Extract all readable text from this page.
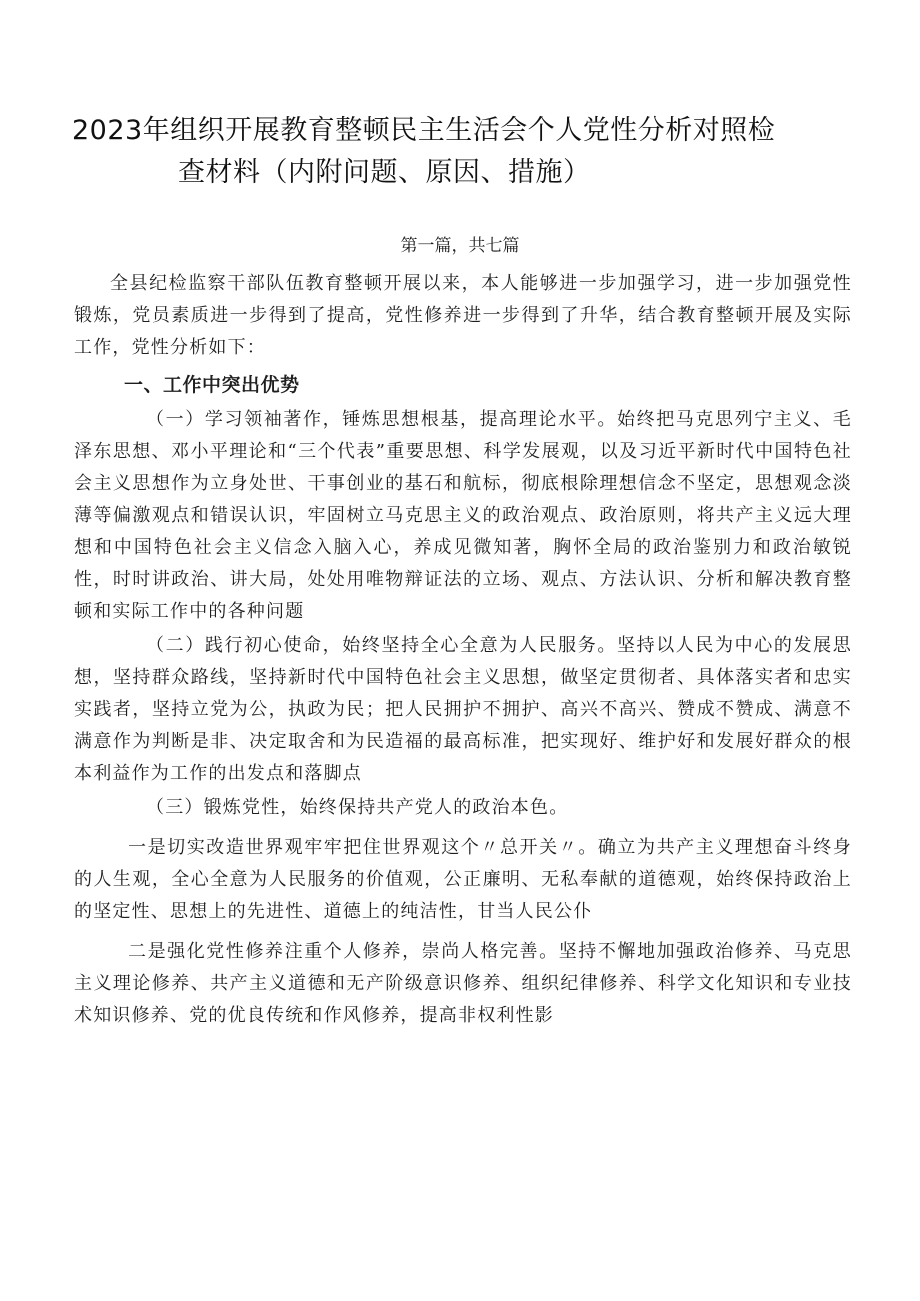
2023年组织开展教育整顿民主生活会个人党性分析对照检
查材料（内附问题、原因、措施）

第一篇，共七篇

全县纪检监察干部队伍教育整顿开展以来，本人能够进一步加强学习，进一步加强党性锻炼，党员素质进一步得到了提高，党性修养进一步得到了升华，结合教育整顿开展及实际工作，党性分析如下：

一、工作中突出优势

（一）学习领袖著作，锤炼思想根基，提高理论水平。始终把马克思列宁主义、毛泽东思想、邓小平理论和“三个代表”重要思想、科学发展观，以及习近平新时代中国特色社会主义思想作为立身处世、干事创业的基石和航标，彻底根除理想信念不坚定，思想观念淡薄等偏激观点和错误认识，牢固树立马克思主义的政治观点、政治原则，将共产主义远大理想和中国特色社会主义信念入脑入心，养成见微知著，胸怀全局的政治鉴别力和政治敏锐性，时时讲政治、讲大局，处处用唯物辩证法的立场、观点、方法认识、分析和解决教育整顿和实际工作中的各种问题

（二）践行初心使命，始终坚持全心全意为人民服务。坚持以人民为中心的发展思想，坚持群众路线，坚持新时代中国特色社会主义思想，做坚定贯彻者、具体落实者和忠实实践者，坚持立党为公，执政为民；把人民拥护不拥护、高兴不高兴、赞成不赞成、满意不满意作为判断是非、决定取舍和为民造福的最高标准，把实现好、维护好和发展好群众的根本利益作为工作的出发点和落脚点

（三）锻炼党性，始终保持共产党人的政治本色。

一是切实改造世界观牢牢把住世界观这个〃总开关〃。确立为共产主义理想奋斗终身的人生观，全心全意为人民服务的价值观，公正廉明、无私奉献的道德观，始终保持政治上的坚定性、思想上的先进性、道德上的纯洁性，甘当人民公仆

二是强化党性修养注重个人修养，崇尚人格完善。坚持不懈地加强政治修养、马克思主义理论修养、共产主义道德和无产阶级意识修养、组织纪律修养、科学文化知识和专业技术知识修养、党的优良传统和作风修养，提高非权利性影
